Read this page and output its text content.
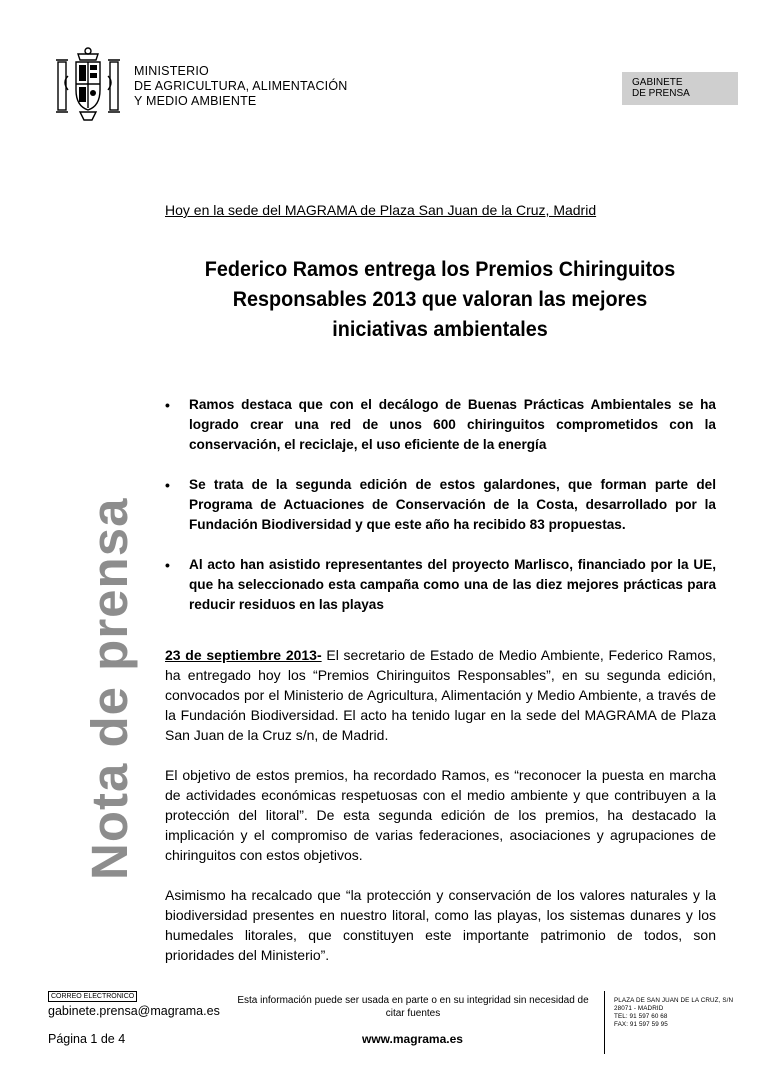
MINISTERIO
DE AGRICULTURA, ALIMENTACIÓN
Y MEDIO AMBIENTE
GABINETE
DE PRENSA
Nota de prensa
Hoy en la sede del MAGRAMA de Plaza San Juan de la Cruz, Madrid
Federico Ramos entrega los Premios Chiringuitos
Responsables 2013 que valoran las mejores
iniciativas ambientales
• Ramos destaca que con el decálogo de Buenas Prácticas Ambientales se ha logrado crear una red de unos 600 chiringuitos comprometidos con la conservación, el reciclaje, el uso eficiente de la energía
• Se trata de la segunda edición de estos galardones, que forman parte del Programa de Actuaciones de Conservación de la Costa, desarrollado por la Fundación Biodiversidad y que este año ha recibido 83 propuestas.
• Al acto han asistido representantes del proyecto Marlisco, financiado por la UE, que ha seleccionado esta campaña como una de las diez mejores prácticas para reducir residuos en las playas

23 de septiembre 2013- El secretario de Estado de Medio Ambiente, Federico Ramos, ha entregado hoy los “Premios Chiringuitos Responsables”, en su segunda edición, convocados por el Ministerio de Agricultura, Alimentación y Medio Ambiente, a través de la Fundación Biodiversidad. El acto ha tenido lugar en la sede del MAGRAMA de Plaza San Juan de la Cruz s/n, de Madrid.

El objetivo de estos premios, ha recordado Ramos, es “reconocer la puesta en marcha de actividades económicas respetuosas con el medio ambiente y que contribuyen a la protección del litoral”. De esta segunda edición de los premios, ha destacado la implicación y el compromiso de varias federaciones, asociaciones y agrupaciones de chiringuitos con estos objetivos.

Asimismo ha recalcado que “la protección y conservación de los valores naturales y la biodiversidad presentes en nuestro litoral, como las playas, los sistemas dunares y los humedales litorales, que constituyen este importante patrimonio de todos, son prioridades del Ministerio”.

CORREO ELECTRÓNICO
gabinete.prensa@magrama.es
Esta información puede ser usada en parte o en su integridad sin necesidad de citar fuentes
PLAZA DE SAN JUAN DE LA CRUZ, S/N
28071 - MADRID
TEL: 91 597 60 68
FAX: 91 597 59 95
Página 1 de 4	www.magrama.es
